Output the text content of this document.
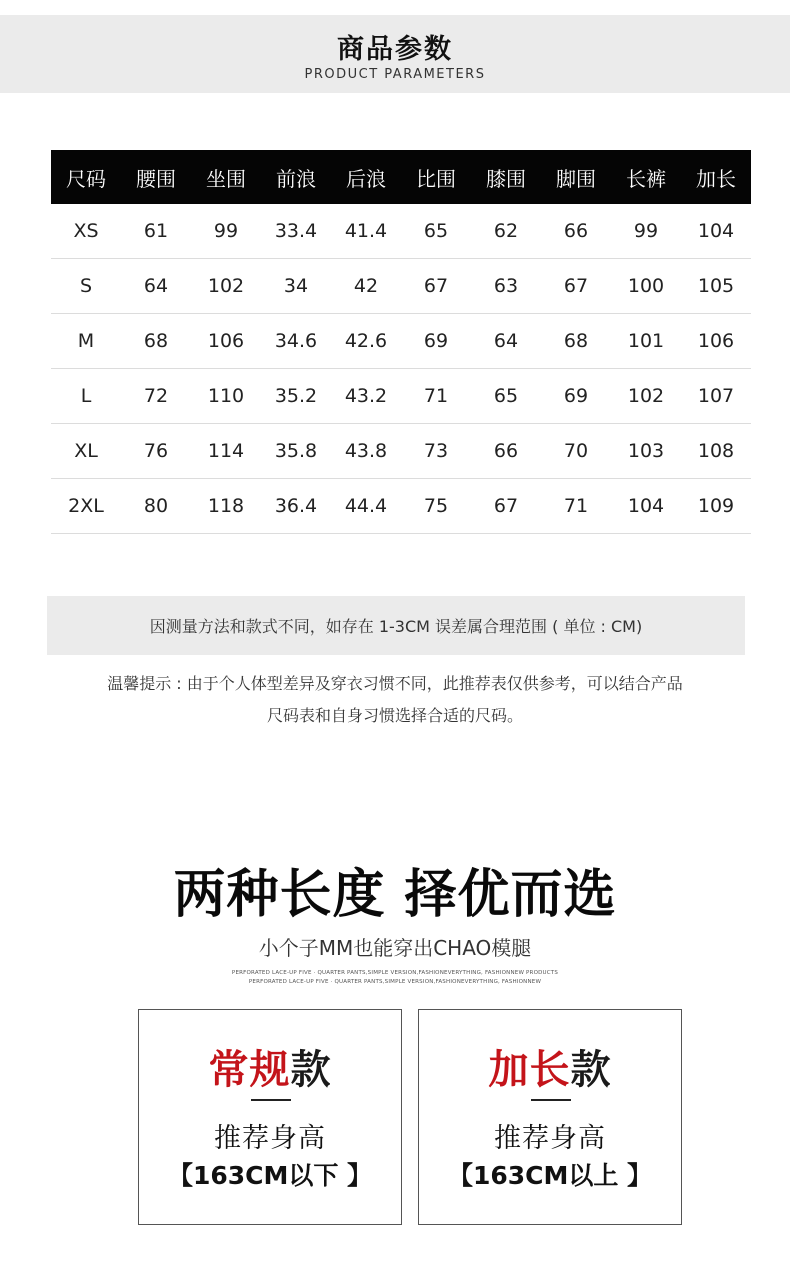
商品参数
PRODUCT PARAMETERS
尺码	腰围	坐围	前浪	后浪	比围	膝围	脚围	长裤	加长
XS	61	99	33.4	41.4	65	62	66	99	104
S	64	102	34	42	67	63	67	100	105
M	68	106	34.6	42.6	69	64	68	101	106
L	72	110	35.2	43.2	71	65	69	102	107
XL	76	114	35.8	43.8	73	66	70	103	108
2XL	80	118	36.4	44.4	75	67	71	104	109
因测量方法和款式不同，如存在 1-3CM 误差属合理范围 ( 单位 : CM)
温馨提示 : 由于个人体型差异及穿衣习惯不同，此推荐表仅供参考，可以结合产品
尺码表和自身习惯选择合适的尺码。
两种长度 择优而选
小个子MM也能穿出CHAO模腿
PERFORATED LACE-UP FIVE · QUARTER PANTS,SIMPLE VERSION,FASHIONEVERYTHING, FASHIONNEW PRODUCTS
PERFORATED LACE-UP FIVE · QUARTER PANTS,SIMPLE VERSION,FASHIONEVERYTHING, FASHIONNEW
常规款
推荐身高
【163CM以下 】
加长款
推荐身高
【163CM以上 】
